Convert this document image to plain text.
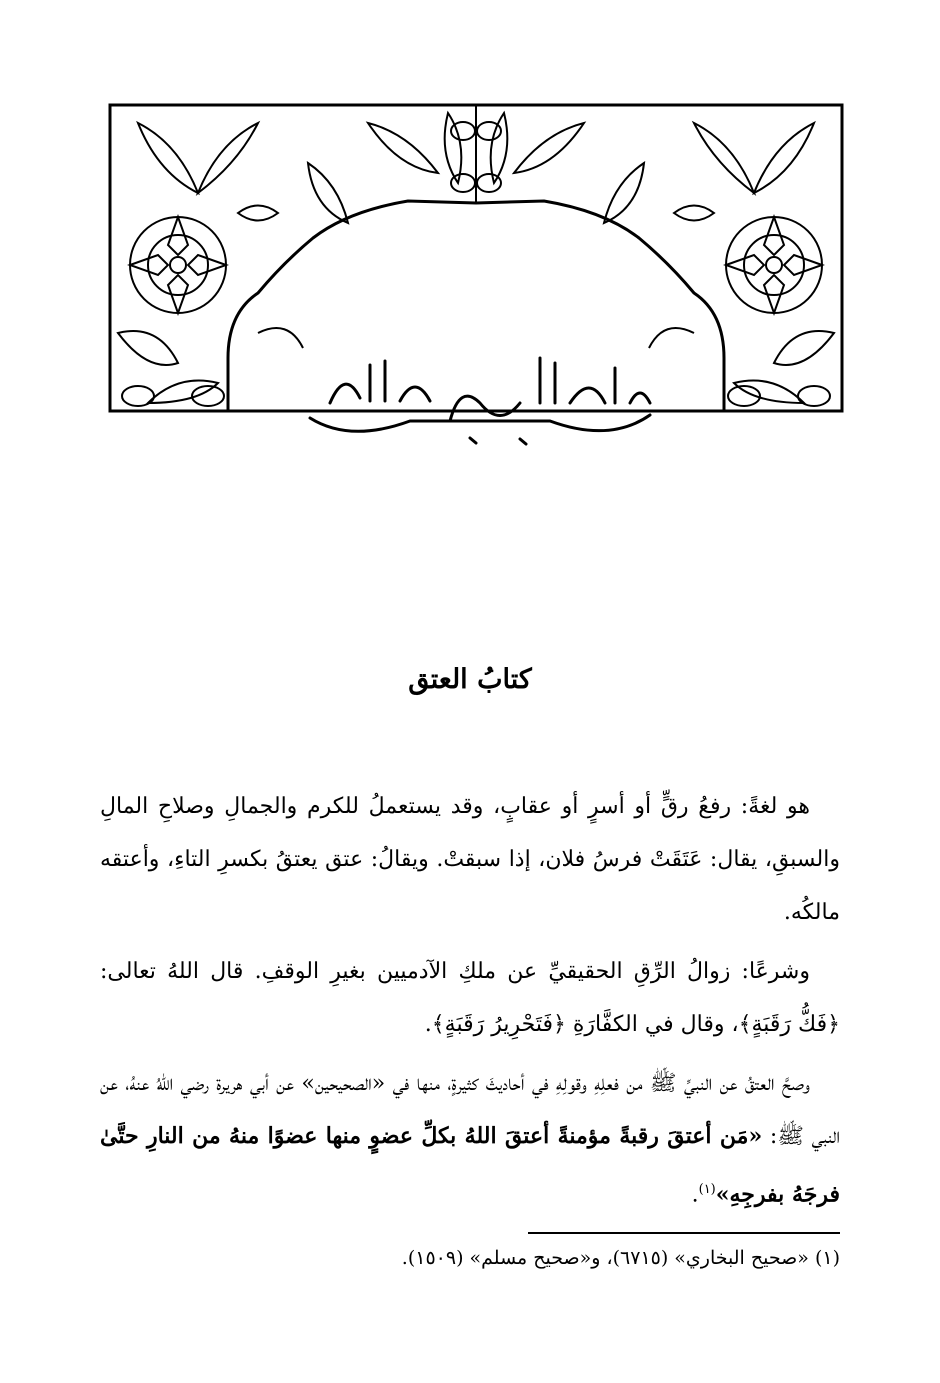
كتابُ العتق

هو لغةً: رفعُ رقٍّ أو أسرٍ أو عقابٍ، وقد يستعملُ للكرم والجمالِ وصلاحِ المالِ والسبقِ، يقال: عَتَقَتْ فرسُ فلان، إذا سبقتْ. ويقالُ: عتق يعتقُ بكسرِ التاءِ، وأعتقه مالكُه.

وشرعًا: زوالُ الرِّقِ الحقيقيِّ عن ملكِ الآدميين بغيرِ الوقفِ. قال اللهُ تعالى: ﴿فَكُّ رَقَبَةٍ﴾، وقال في الكفَّارَةِ ﴿فَتَحْرِيرُ رَقَبَةٍ﴾.

وصحَّ العتقُ عن النبيِّ ﷺ من فعلِهِ وقولِهِ في أحاديثَ كثيرةٍ، منها في «الصحيحين» عن أبي هريرة رضي اللهُ عنهُ، عن النبي ﷺ: «مَن أعتقَ رقبةً مؤمنةً أعتقَ اللهُ بكلِّ عضوٍ منها عضوًا منهُ من النارِ حتَّىٰ فرجَهُ بفرجِهِ»$^{(١)}$.

(١) «صحيح البخاري» (٦٧١٥)، و«صحيح مسلم» (١٥٠٩).
